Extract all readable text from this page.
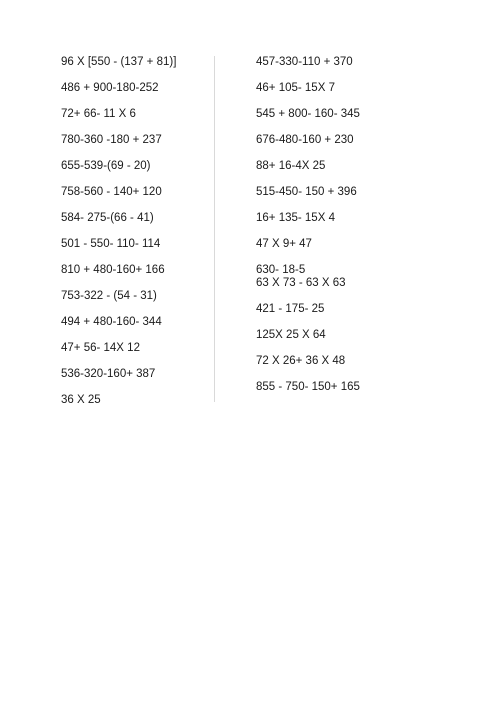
96 X [550 - (137 + 81)]
486 + 900-180-252
72+ 66- 11 X 6
780-360 -180 + 237
655-539-(69 - 20)
758-560 - 140+ 120
584- 275-(66 - 41)
501 - 550- 110- 114
810 + 480-160+ 166
753-322 - (54 - 31)
494 + 480-160- 344
47+ 56- 14X 12
536-320-160+ 387
36 X 25
457-330-110 + 370
46+ 105- 15X 7
545 + 800- 160- 345
676-480-160 + 230
88+ 16-4X 25
515-450- 150 + 396
16+ 135- 15X 4
47 X 9+ 47
630- 18-5
63 X 73 - 63 X 63
421 - 175- 25
125X 25 X 64
72 X 26+ 36 X 48
855 - 750- 150+ 165
